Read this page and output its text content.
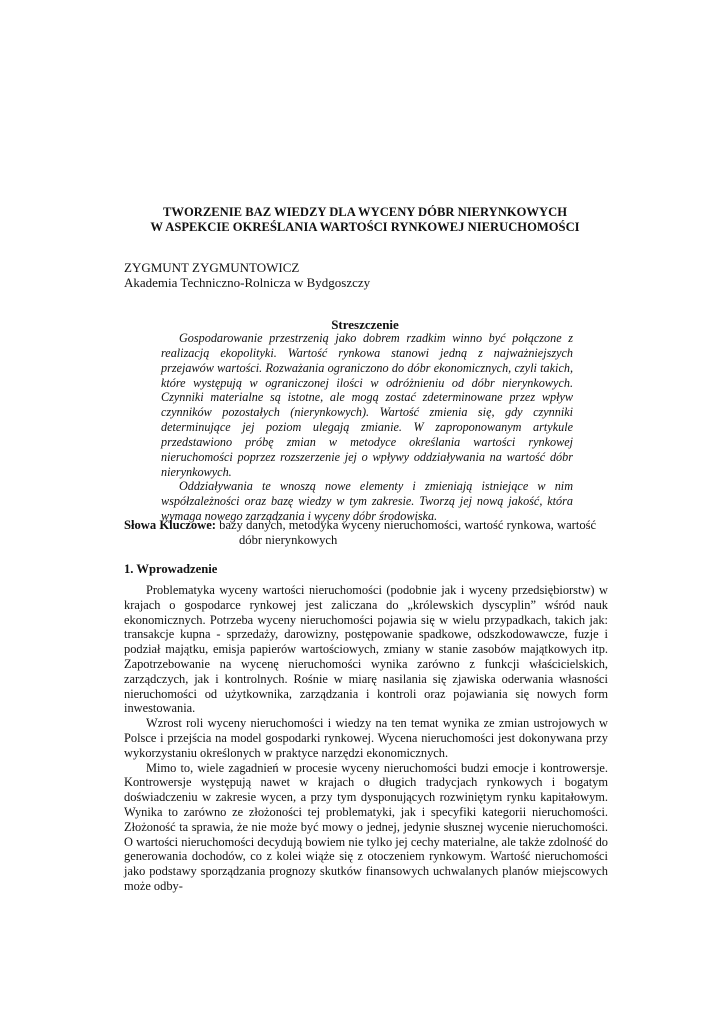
TWORZENIE BAZ WIEDZY DLA WYCENY DÓBR NIERYNKOWYCH
W ASPEKCIE OKREŚLANIA WARTOŚCI RYNKOWEJ NIERUCHOMOŚCI
ZYGMUNT ZYGMUNTOWICZ
Akademia Techniczno-Rolnicza w Bydgoszczy
Streszczenie

Gospodarowanie przestrzenią jako dobrem rzadkim winno być połączone z realizacją ekopolityki. Wartość rynkowa stanowi jedną z najważniejszych przejawów wartości. Rozważania ograniczono do dóbr ekonomicznych, czyli takich, które występują w ograniczonej ilości w odróżnieniu od dóbr nierynkowych. Czynniki materialne są istotne, ale mogą zostać zdeterminowane przez wpływ czynników pozostałych (nierynkowych). Wartość zmienia się, gdy czynniki determinujące jej poziom ulegają zmianie. W zaproponowanym artykule przedstawiono próbę zmian w metodyce określania wartości rynkowej nieruchomości poprzez rozszerzenie jej o wpływy oddziaływania na wartość dóbr nierynkowych.

Oddziaływania te wnoszą nowe elementy i zmieniają istniejące w nim współzależności oraz bazę wiedzy w tym zakresie. Tworzą jej nową jakość, która wymaga nowego zarządzania i wyceny dóbr środowiska.

Słowa Kluczowe: bazy danych, metodyka wyceny nieruchomości, wartość rynkowa, wartość dóbr nierynkowych
1. Wprowadzenie

Problematyka wyceny wartości nieruchomości (podobnie jak i wyceny przedsiębiorstw) w krajach o gospodarce rynkowej jest zaliczana do „królewskich dyscyplin” wśród nauk ekonomicznych. Potrzeba wyceny nieruchomości pojawia się w wielu przypadkach, takich jak: transakcje kupna - sprzedaży, darowizny, postępowanie spadkowe, odszkodowawcze, fuzje i podział majątku, emisja papierów wartościowych, zmiany w stanie zasobów majątkowych itp. Zapotrzebowanie na wycenę nieruchomości wynika zarówno z funkcji właścicielskich, zarządczych, jak i kontrolnych. Rośnie w miarę nasilania się zjawiska oderwania własności nieruchomości od użytkownika, zarządzania i kontroli oraz pojawiania się nowych form inwestowania.

Wzrost roli wyceny nieruchomości i wiedzy na ten temat wynika ze zmian ustrojowych w Polsce i przejścia na model gospodarki rynkowej. Wycena nieruchomości jest dokonywana przy wykorzystaniu określonych w praktyce narzędzi ekonomicznych.

Mimo to, wiele zagadnień w procesie wyceny nieruchomości budzi emocje i kontrowersje. Kontrowersje występują nawet w krajach o długich tradycjach rynkowych i bogatym doświadczeniu w zakresie wycen, a przy tym dysponujących rozwiniętym rynku kapitałowym. Wynika to zarówno ze złożoności tej problematyki, jak i specyfiki kategorii nieruchomości. Złożoność ta sprawia, że nie może być mowy o jednej, jedynie słusznej wycenie nieruchomości. O wartości nieruchomości decydują bowiem nie tylko jej cechy materialne, ale także zdolność do generowania dochodów, co z kolei wiąże się z otoczeniem rynkowym. Wartość nieruchomości jako podstawy sporządzania prognozy skutków finansowych uchwalanych planów miejscowych może odby-
